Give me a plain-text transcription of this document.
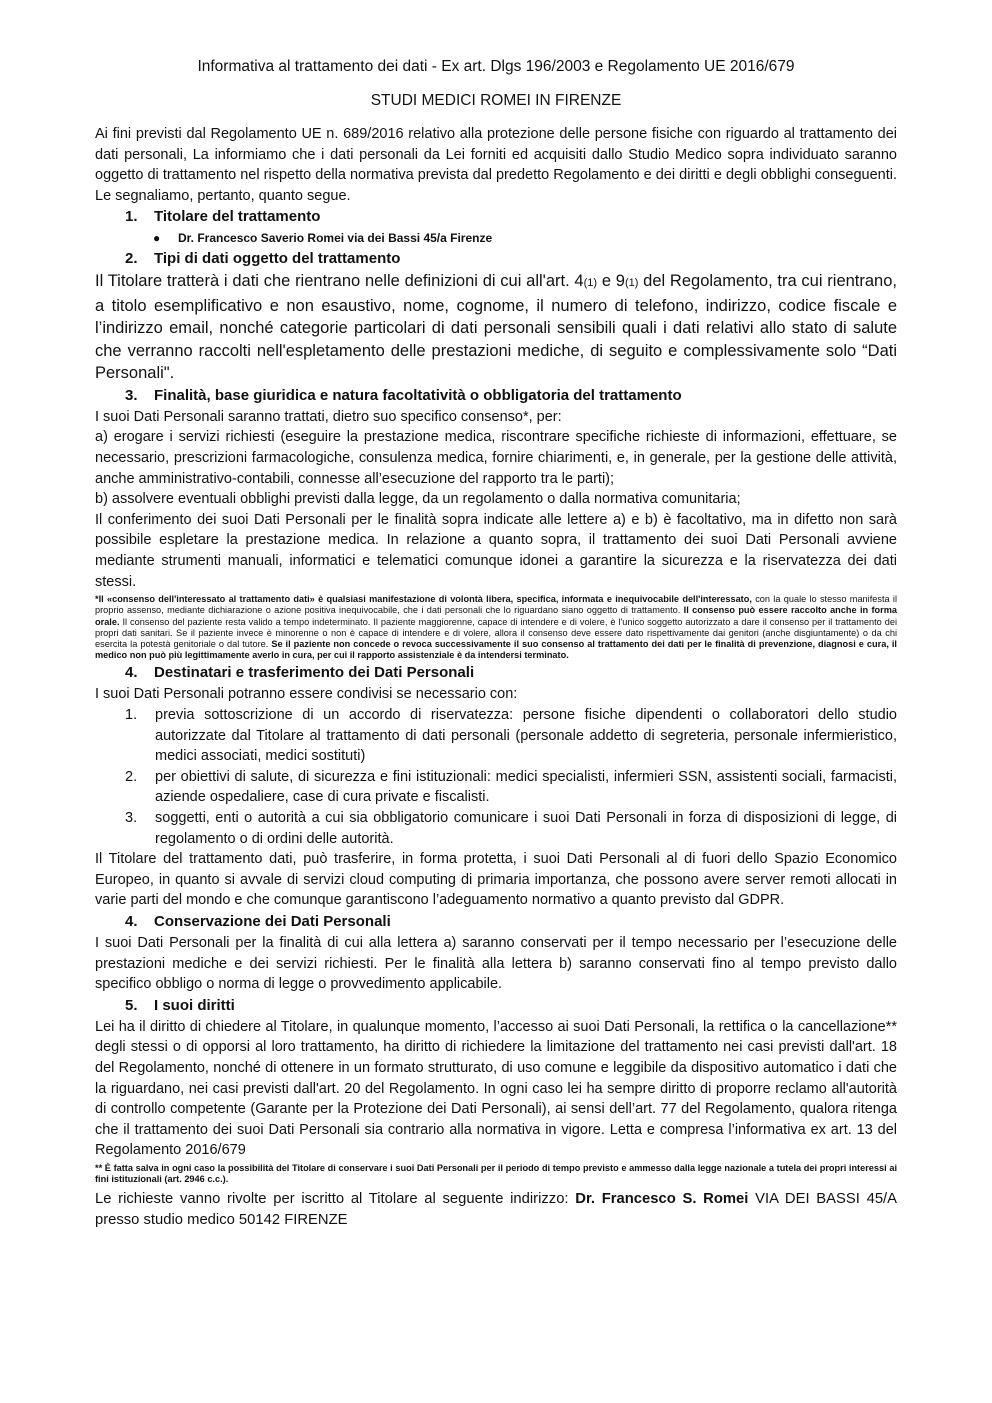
Informativa al trattamento dei dati - Ex art. Dlgs 196/2003 e Regolamento UE 2016/679

STUDI MEDICI ROMEI IN FIRENZE

Ai fini previsti dal Regolamento UE n. 689/2016 relativo alla protezione delle persone fisiche con riguardo al trattamento dei dati personali, La informiamo che i dati personali da Lei forniti ed acquisiti dallo Studio Medico sopra individuato saranno oggetto di trattamento nel rispetto della normativa prevista dal predetto Regolamento e dei diritti e degli obblighi conseguenti. Le segnaliamo, pertanto, quanto segue.

1. Titolare del trattamento

● Dr. Francesco Saverio Romei via dei Bassi 45/a Firenze

2. Tipi di dati oggetto del trattamento

Il Titolare tratterà i dati che rientrano nelle definizioni di cui all'art. 4(1) e 9(1) del Regolamento, tra cui rientrano, a titolo esemplificativo e non esaustivo, nome, cognome, il numero di telefono, indirizzo, codice fiscale e l’indirizzo email, nonché categorie particolari di dati personali sensibili quali i dati relativi allo stato di salute che verranno raccolti nell'espletamento delle prestazioni mediche, di seguito e complessivamente solo “Dati Personali".

3. Finalità, base giuridica e natura facoltatività o obbligatoria del trattamento

I suoi Dati Personali saranno trattati, dietro suo specifico consenso*, per:

a) erogare i servizi richiesti (eseguire la prestazione medica, riscontrare specifiche richieste di informazioni, effettuare, se necessario, prescrizioni farmacologiche, consulenza medica, fornire chiarimenti, e, in generale, per la gestione delle attività, anche amministrativo-contabili, connesse all’esecuzione del rapporto tra le parti);

b) assolvere eventuali obblighi previsti dalla legge, da un regolamento o dalla normativa comunitaria;

Il conferimento dei suoi Dati Personali per le finalità sopra indicate alle lettere a) e b) è facoltativo, ma in difetto non sarà possibile espletare la prestazione medica. In relazione a quanto sopra, il trattamento dei suoi Dati Personali avviene mediante strumenti manuali, informatici e telematici comunque idonei a garantire la sicurezza e la riservatezza dei dati stessi.

*Il «consenso dell'interessato al trattamento dati» è qualsiasi manifestazione di volontà libera, specifica, informata e inequivocabile dell'interessato, con la quale lo stesso manifesta il proprio assenso, mediante dichiarazione o azione positiva inequivocabile, che i dati personali che lo riguardano siano oggetto di trattamento. Il consenso può essere raccolto anche in forma orale. Il consenso del paziente resta valido a tempo indeterminato. Il paziente maggiorenne, capace di intendere e di volere, è l'unico soggetto autorizzato a dare il consenso per il trattamento dei propri dati sanitari. Se il paziente invece è minorenne o non è capace di intendere e di volere, allora il consenso deve essere dato rispettivamente dai genitori (anche disgiuntamente) o da chi esercita la potestà genitoriale o dal tutore. Se il paziente non concede o revoca successivamente il suo consenso al trattamento dei dati per le finalità di prevenzione, diagnosi e cura, il medico non può più legittimamente averlo in cura, per cui il rapporto assistenziale è da intendersi terminato.

4. Destinatari e trasferimento dei Dati Personali

I suoi Dati Personali potranno essere condivisi se necessario con:

1.	previa sottoscrizione di un accordo di riservatezza: persone fisiche dipendenti o collaboratori dello studio autorizzate dal Titolare al trattamento di dati personali (personale addetto di segreteria, personale infermieristico, medici associati, medici sostituti)
2.	per obiettivi di salute, di sicurezza e fini istituzionali: medici specialisti, infermieri SSN, assistenti sociali, farmacisti, aziende ospedaliere, case di cura private e fiscalisti.
3.	soggetti, enti o autorità a cui sia obbligatorio comunicare i suoi Dati Personali in forza di disposizioni di legge, di regolamento o di ordini delle autorità.

Il Titolare del trattamento dati, può trasferire, in forma protetta, i suoi Dati Personali al di fuori dello Spazio Economico Europeo, in quanto si avvale di servizi cloud computing di primaria importanza, che possono avere server remoti allocati in varie parti del mondo e che comunque garantiscono l’adeguamento normativo a quanto previsto dal GDPR.

4. Conservazione dei Dati Personali

I suoi Dati Personali per la finalità di cui alla lettera a) saranno conservati per il tempo necessario per l’esecuzione delle prestazioni mediche e dei servizi richiesti. Per le finalità alla lettera b) saranno conservati fino al tempo previsto dallo specifico obbligo o norma di legge o provvedimento applicabile.

5. I suoi diritti

Lei ha il diritto di chiedere al Titolare, in qualunque momento, l’accesso ai suoi Dati Personali, la rettifica o la cancellazione** degli stessi o di opporsi al loro trattamento, ha diritto di richiedere la limitazione del trattamento nei casi previsti dall'art. 18 del Regolamento, nonché di ottenere in un formato strutturato, di uso comune e leggibile da dispositivo automatico i dati che la riguardano, nei casi previsti dall'art. 20 del Regolamento. In ogni caso lei ha sempre diritto di proporre reclamo all'autorità di controllo competente (Garante per la Protezione dei Dati Personali), ai sensi dell’art. 77 del Regolamento, qualora ritenga che il trattamento dei suoi Dati Personali sia contrario alla normativa in vigore. Letta e compresa l’informativa ex art. 13 del Regolamento 2016/679

** È fatta salva in ogni caso la possibilità del Titolare di conservare i suoi Dati Personali per il periodo di tempo previsto e ammesso dalla legge nazionale a tutela dei propri interessi ai fini istituzionali (art. 2946 c.c.).

Le richieste vanno rivolte per iscritto al Titolare al seguente indirizzo: Dr. Francesco S. Romei VIA DEI BASSI 45/A presso studio medico 50142 FIRENZE
